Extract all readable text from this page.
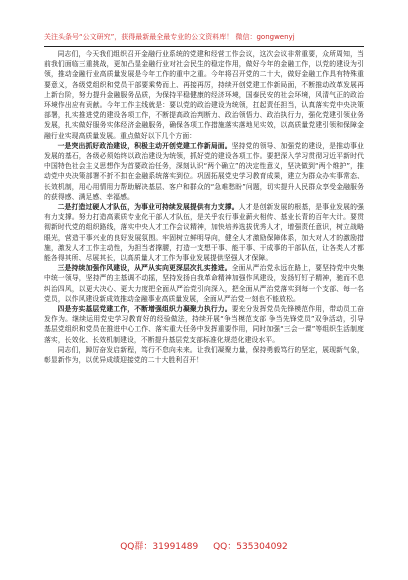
关注头条号“公文研究”，获得最新最全最专业的公文资料库！ 微信：gongwenyj

同志们，今天我们组织召开金融行业系统的党建和经营工作会议，这次会议非常重要，众所周知，当前我们面临三重挑战，更加凸显金融行业对社会民生的稳定作用，做好今年的金融工作，以党的建设为引领，推动金融行业高质量发展是今年工作的重中之重。今年将召开党的二十大，做好金融工作具有特殊重要意义，各级党组织和党员干部要乘势而上、再接再厉，持续开创党建工作新局面，不断推动改革发展再上新台阶，努力提升金融服务品质，为保持平稳健康的经济环境，国泰民安的社会环境，风清气正的政治环境作出应有贡献。今年工作主线就是：要以党的政治建设为统领，扛起责任担当，认真落实党中央决策部署，扎实推进党的建设各项工作，不断提高政治判断力、政治领悟力、政治执行力，强化党建引领业务发展，扎实做好服务实体经济金融服务，确保各项工作措施落实落地见实效，以高质量党建引领和保障金融行业实现高质量发展。重点做好以下几个方面：

一是突出抓好政治建设，积极主动开创党建工作新局面。坚持党的领导、加强党的建设，是推动事业发展的基石，各级必须始终以政治建设为统领，抓好党的建设各项工作。要把深入学习贯彻习近平新时代中国特色社会主义思想作为首要政治任务，深刻认识“两个确立”的决定性意义，坚决做到“两个维护”，推动党中央决策部署不折不扣在金融系统落实到位。巩固拓展党史学习教育成果，建立为群众办实事常态、长效机制，用心用情用力帮助解决基层、客户和群众的“急难愁盼”问题，切实提升人民群众享受金融服务的获得感、满足感、幸福感。

二是打造过硬人才队伍，为事业可持续发展提供有力支撑。人才是创新发展的根基，是事业发展的强有力支撑。努力打造高素质专业化干部人才队伍，是关乎农行事业薪火相传、基业长青的百年大计。要贯彻新时代党的组织路线，落实中央人才工作会议精神，加快培养选拔优秀人才，增强责任意识，树立战略眼光，营造干事兴业的良好发展氛围。牢固树立鲜明导向，健全人才激励保障体系，加大对人才的激励措施，激发人才工作主动性，为担当者撑腰，打造一支想干事、能干事、干成事的干部队伍，让各类人才都能各得其所、尽展其长，以高质量人才工作为事业发展提供坚强人才保障。

三是持续加强作风建设，从严从实向更深层次扎实推进。全面从严治党永远在路上，要坚持党中央集中统一领导，坚持严的主基调不动摇，坚持发扬自我革命精神加强作风建设，发扬钉钉子精神，驰而不息纠治四风，以更大决心、更大力度把全面从严治党引向深入，把全面从严治党落实到每一个支部、每一名党员，以作风建设新成效推动金融事业高质量发展，全面从严治党一刻也不能放松。

四是夯实基层党建工作，不断增强组织力凝聚力执行力。要充分发挥党员先锋模范作用，带动员工奋发作为。继续运用党史学习教育好的经验做法，持续开展“争当模范支部 争当先锋党员”双争活动，引导基层党组织和党员在推进中心工作、落实重大任务中发挥重要作用，同时加强“三会一课”等组织生活制度落实，长效化、长效机制建设，不断提升基层党支部标准化规范化建设水平。

同志们，踔厉奋发启新程，笃行不怠向未来。让我们凝聚力量，保持勇毅笃行的坚定，展现新气象，彰显新作为，以优异成绩迎接党的二十大胜利召开！

QQ群：31991489 QQ：535304092
